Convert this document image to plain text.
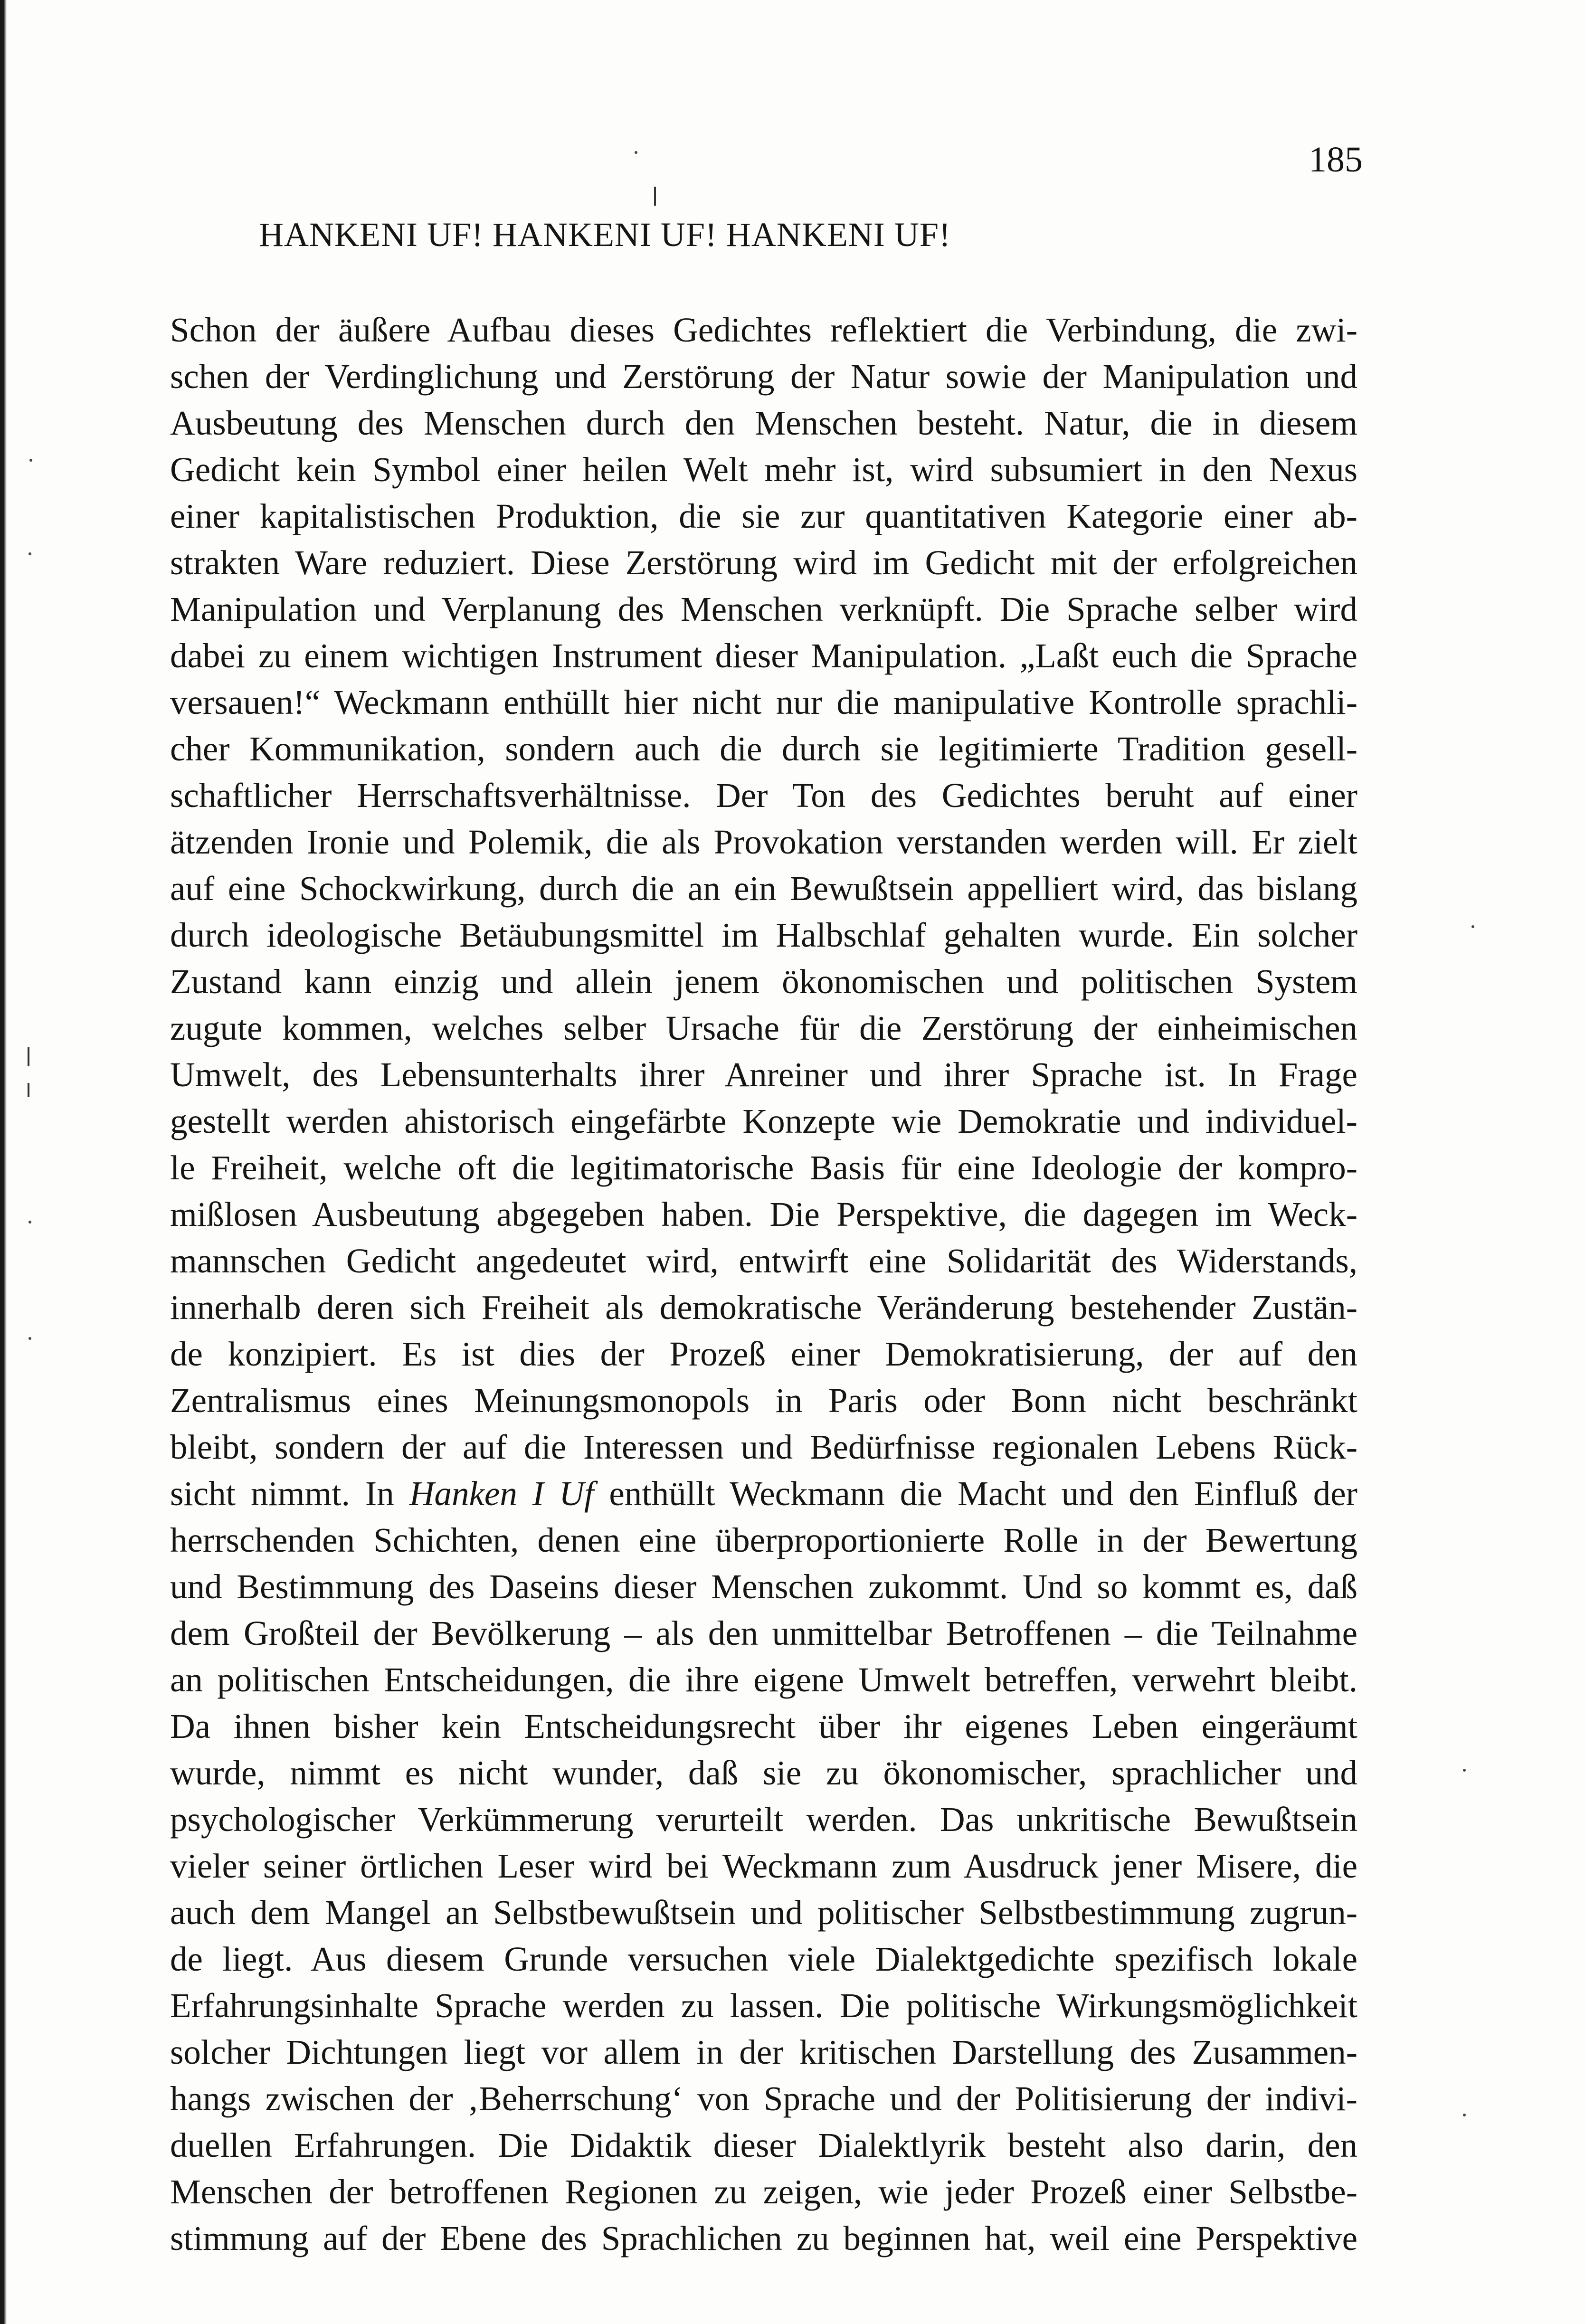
185
HANKENI UF! HANKENI UF! HANKENI UF!
Schon der äußere Aufbau dieses Gedichtes reflektiert die Verbindung, die zwi-
schen der Verdinglichung und Zerstörung der Natur sowie der Manipulation und
Ausbeutung des Menschen durch den Menschen besteht. Natur, die in diesem
Gedicht kein Symbol einer heilen Welt mehr ist, wird subsumiert in den Nexus
einer kapitalistischen Produktion, die sie zur quantitativen Kategorie einer ab-
strakten Ware reduziert. Diese Zerstörung wird im Gedicht mit der erfolgreichen
Manipulation und Verplanung des Menschen verknüpft. Die Sprache selber wird
dabei zu einem wichtigen Instrument dieser Manipulation. „Laßt euch die Sprache
versauen!“ Weckmann enthüllt hier nicht nur die manipulative Kontrolle sprachli-
cher Kommunikation, sondern auch die durch sie legitimierte Tradition gesell-
schaftlicher Herrschaftsverhältnisse. Der Ton des Gedichtes beruht auf einer
ätzenden Ironie und Polemik, die als Provokation verstanden werden will. Er zielt
auf eine Schockwirkung, durch die an ein Bewußtsein appelliert wird, das bislang
durch ideologische Betäubungsmittel im Halbschlaf gehalten wurde. Ein solcher
Zustand kann einzig und allein jenem ökonomischen und politischen System
zugute kommen, welches selber Ursache für die Zerstörung der einheimischen
Umwelt, des Lebensunterhalts ihrer Anreiner und ihrer Sprache ist. In Frage
gestellt werden ahistorisch eingefärbte Konzepte wie Demokratie und individuel-
le Freiheit, welche oft die legitimatorische Basis für eine Ideologie der kompro-
mißlosen Ausbeutung abgegeben haben. Die Perspektive, die dagegen im Weck-
mannschen Gedicht angedeutet wird, entwirft eine Solidarität des Widerstands,
innerhalb deren sich Freiheit als demokratische Veränderung bestehender Zustän-
de konzipiert. Es ist dies der Prozeß einer Demokratisierung, der auf den
Zentralismus eines Meinungsmonopols in Paris oder Bonn nicht beschränkt
bleibt, sondern der auf die Interessen und Bedürfnisse regionalen Lebens Rück-
sicht nimmt. In Hanken I Uf enthüllt Weckmann die Macht und den Einfluß der
herrschenden Schichten, denen eine überproportionierte Rolle in der Bewertung
und Bestimmung des Daseins dieser Menschen zukommt. Und so kommt es, daß
dem Großteil der Bevölkerung – als den unmittelbar Betroffenen – die Teilnahme
an politischen Entscheidungen, die ihre eigene Umwelt betreffen, verwehrt bleibt.
Da ihnen bisher kein Entscheidungsrecht über ihr eigenes Leben eingeräumt
wurde, nimmt es nicht wunder, daß sie zu ökonomischer, sprachlicher und
psychologischer Verkümmerung verurteilt werden. Das unkritische Bewußtsein
vieler seiner örtlichen Leser wird bei Weckmann zum Ausdruck jener Misere, die
auch dem Mangel an Selbstbewußtsein und politischer Selbstbestimmung zugrun-
de liegt. Aus diesem Grunde versuchen viele Dialektgedichte spezifisch lokale
Erfahrungsinhalte Sprache werden zu lassen. Die politische Wirkungsmöglichkeit
solcher Dichtungen liegt vor allem in der kritischen Darstellung des Zusammen-
hangs zwischen der ‚Beherrschung‘ von Sprache und der Politisierung der indivi-
duellen Erfahrungen. Die Didaktik dieser Dialektlyrik besteht also darin, den
Menschen der betroffenen Regionen zu zeigen, wie jeder Prozeß einer Selbstbe-
stimmung auf der Ebene des Sprachlichen zu beginnen hat, weil eine Perspektive
